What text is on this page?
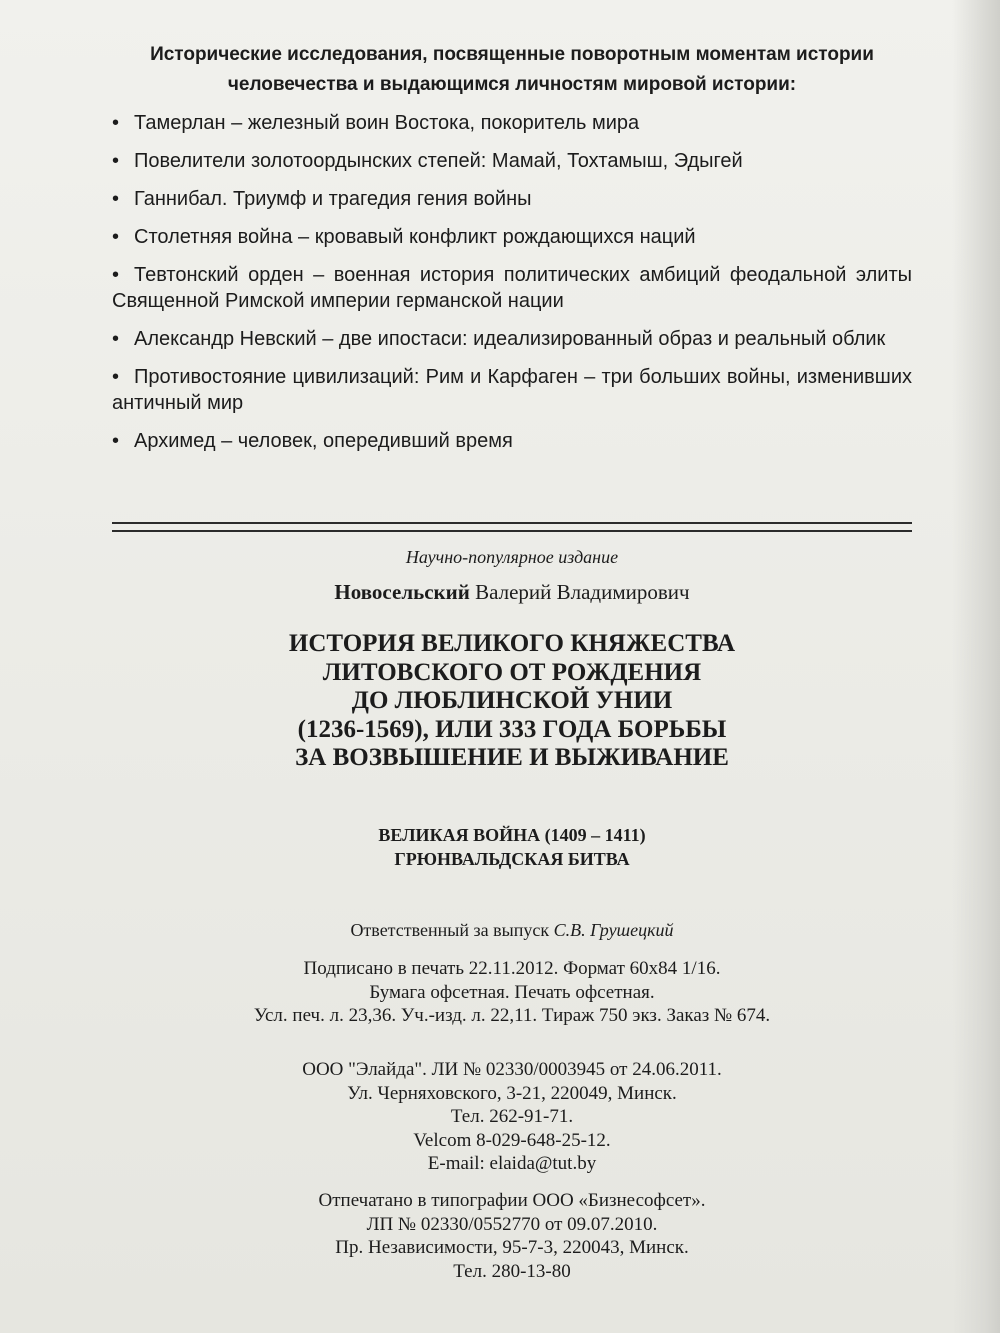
Исторические исследования, посвященные поворотным моментам истории человечества и выдающимся личностям мировой истории:
• Тамерлан – железный воин Востока, покоритель мира
• Повелители золотоордынских степей: Мамай, Тохтамыш, Эдыгей
• Ганнибал. Триумф и трагедия гения войны
• Столетняя война – кровавый конфликт рождающихся наций
• Тевтонский орден – военная история политических амбиций феодальной элиты Священной Римской империи германской нации
• Александр Невский – две ипостаси: идеализированный образ и реальный облик
• Противостояние цивилизаций: Рим и Карфаген – три больших войны, изменивших античный мир
• Архимед – человек, опередивший время
Научно-популярное издание
Новосельский Валерий Владимирович
ИСТОРИЯ ВЕЛИКОГО КНЯЖЕСТВА
ЛИТОВСКОГО ОТ РОЖДЕНИЯ
ДО ЛЮБЛИНСКОЙ УНИИ
(1236-1569), ИЛИ 333 ГОДА БОРЬБЫ
ЗА ВОЗВЫШЕНИЕ И ВЫЖИВАНИЕ
ВЕЛИКАЯ ВОЙНА (1409 – 1411)
ГРЮНВАЛЬДСКАЯ БИТВА
Ответственный за выпуск С.В. Грушецкий
Подписано в печать 22.11.2012. Формат 60x84 1/16.
Бумага офсетная. Печать офсетная.
Усл. печ. л. 23,36. Уч.-изд. л. 22,11. Тираж 750 экз. Заказ № 674.
ООО "Элайда". ЛИ № 02330/0003945 от 24.06.2011.
Ул. Черняховского, 3-21, 220049, Минск.
Тел. 262-91-71.
Velcom 8-029-648-25-12.
E-mail: elaida@tut.by
Отпечатано в типографии ООО «Бизнесофсет».
ЛП № 02330/0552770 от 09.07.2010.
Пр. Независимости, 95-7-3, 220043, Минск.
Тел. 280-13-80
